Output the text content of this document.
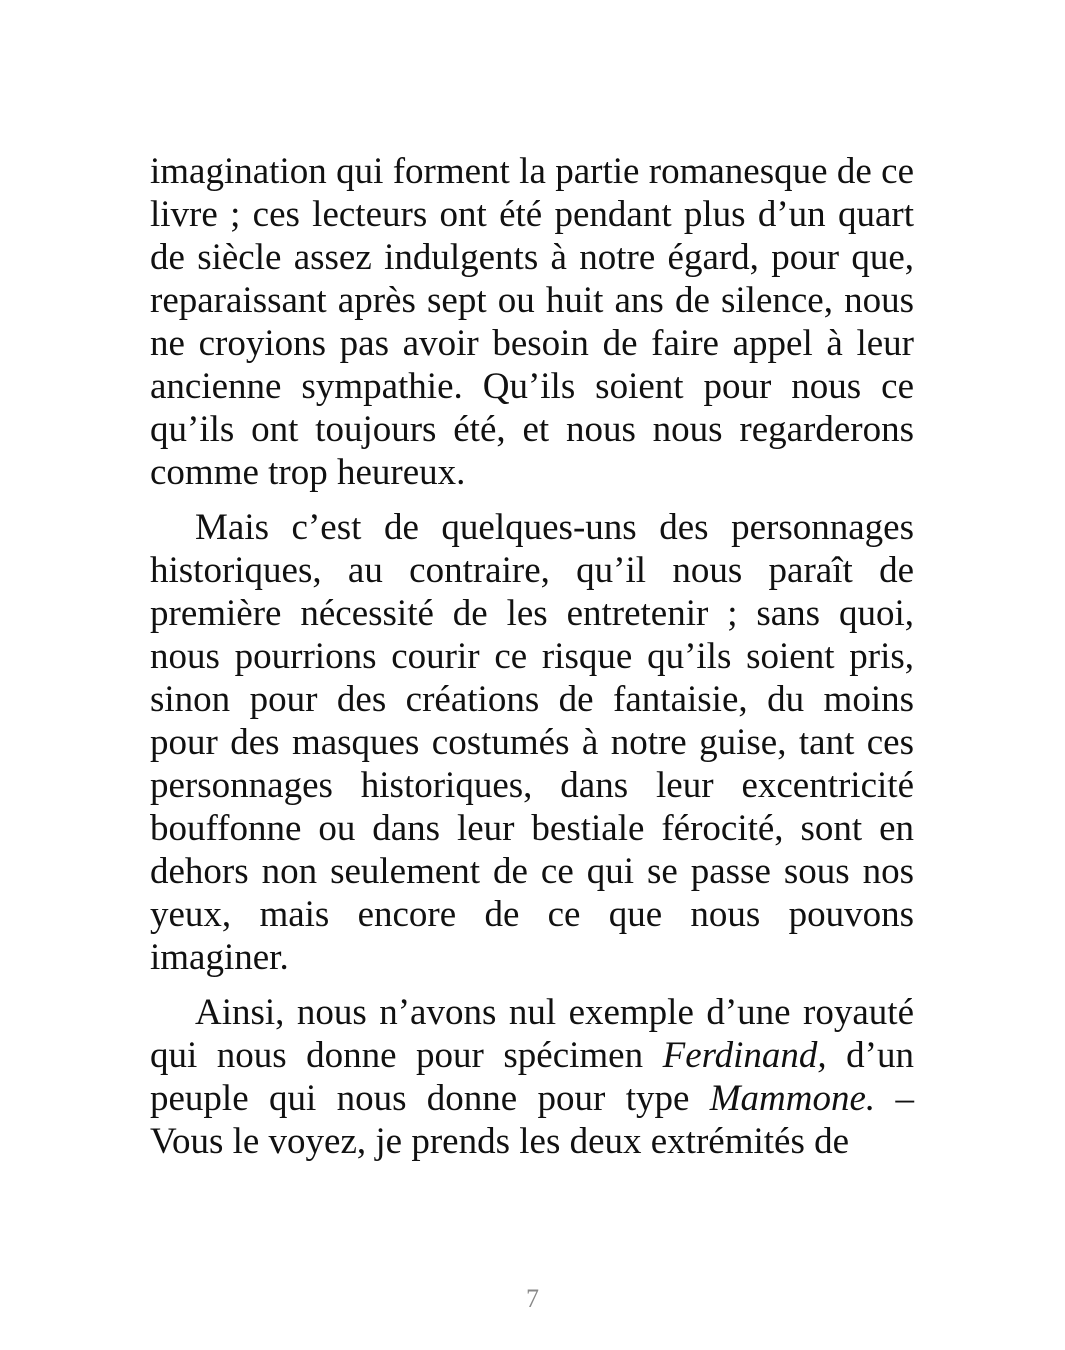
imagination qui forment la partie romanesque de ce livre ; ces lecteurs ont été pendant plus d’un quart de siècle assez indulgents à notre égard, pour que, reparaissant après sept ou huit ans de silence, nous ne croyions pas avoir besoin de faire appel à leur ancienne sympathie. Qu’ils soient pour nous ce qu’ils ont toujours été, et nous nous regarderons comme trop heureux.

Mais c’est de quelques-uns des personnages historiques, au contraire, qu’il nous paraît de première nécessité de les entretenir ; sans quoi, nous pourrions courir ce risque qu’ils soient pris, sinon pour des créations de fantaisie, du moins pour des masques costumés à notre guise, tant ces personnages historiques, dans leur excentricité bouffonne ou dans leur bestiale férocité, sont en dehors non seulement de ce qui se passe sous nos yeux, mais encore de ce que nous pouvons imaginer.

Ainsi, nous n’avons nul exemple d’une royauté qui nous donne pour spécimen Ferdinand, d’un peuple qui nous donne pour type Mammone. – Vous le voyez, je prends les deux extrémités de

7
